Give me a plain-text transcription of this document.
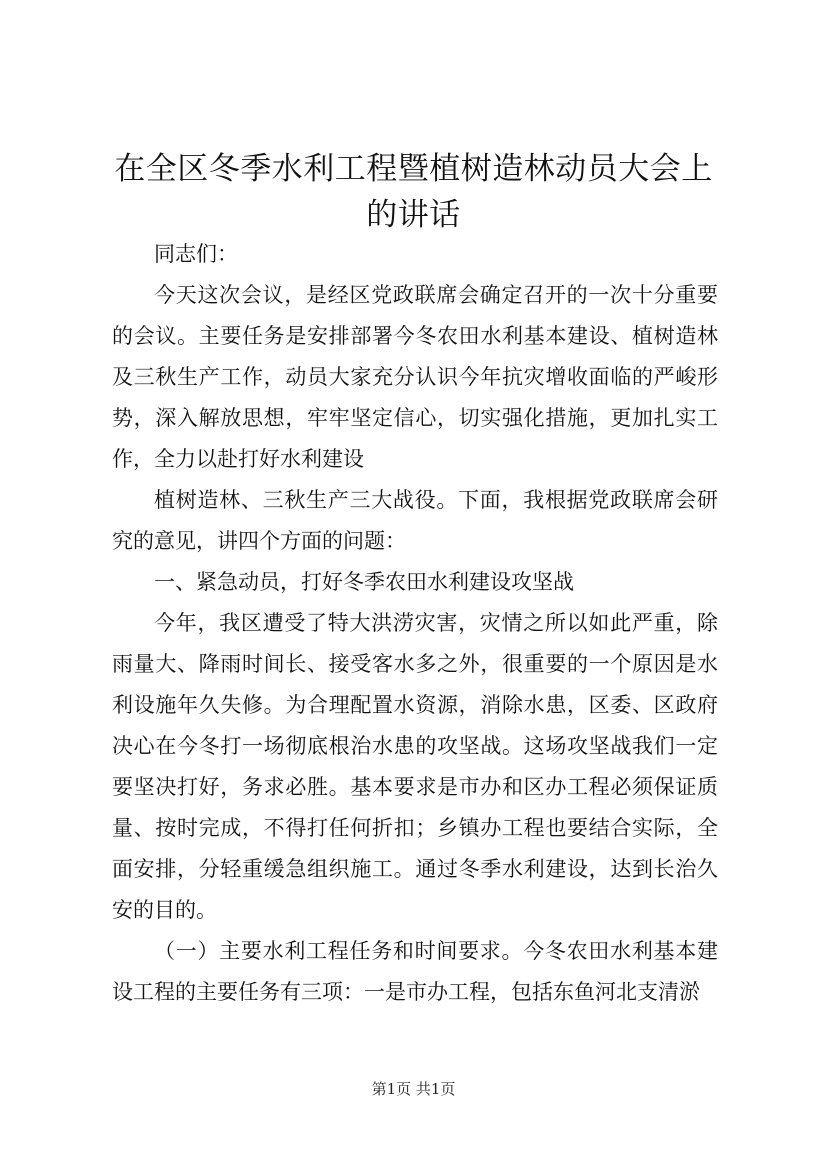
在全区冬季水利工程暨植树造林动员大会上的讲话

同志们：

今天这次会议，是经区党政联席会确定召开的一次十分重要的会议。主要任务是安排部署今冬农田水利基本建设、植树造林及三秋生产工作，动员大家充分认识今年抗灾增收面临的严峻形势，深入解放思想，牢牢坚定信心，切实强化措施，更加扎实工作，全力以赴打好水利建设

植树造林、三秋生产三大战役。下面，我根据党政联席会研究的意见，讲四个方面的问题：

一、紧急动员，打好冬季农田水利建设攻坚战

今年，我区遭受了特大洪涝灾害，灾情之所以如此严重，除雨量大、降雨时间长、接受客水多之外，很重要的一个原因是水利设施年久失修。为合理配置水资源，消除水患，区委、区政府决心在今冬打一场彻底根治水患的攻坚战。这场攻坚战我们一定要坚决打好，务求必胜。基本要求是市办和区办工程必须保证质量、按时完成，不得打任何折扣；乡镇办工程也要结合实际，全面安排，分轻重缓急组织施工。通过冬季水利建设，达到长治久安的目的。

（一）主要水利工程任务和时间要求。今冬农田水利基本建设工程的主要任务有三项：一是市办工程，包括东鱼河北支清淤

第1页 共1页
